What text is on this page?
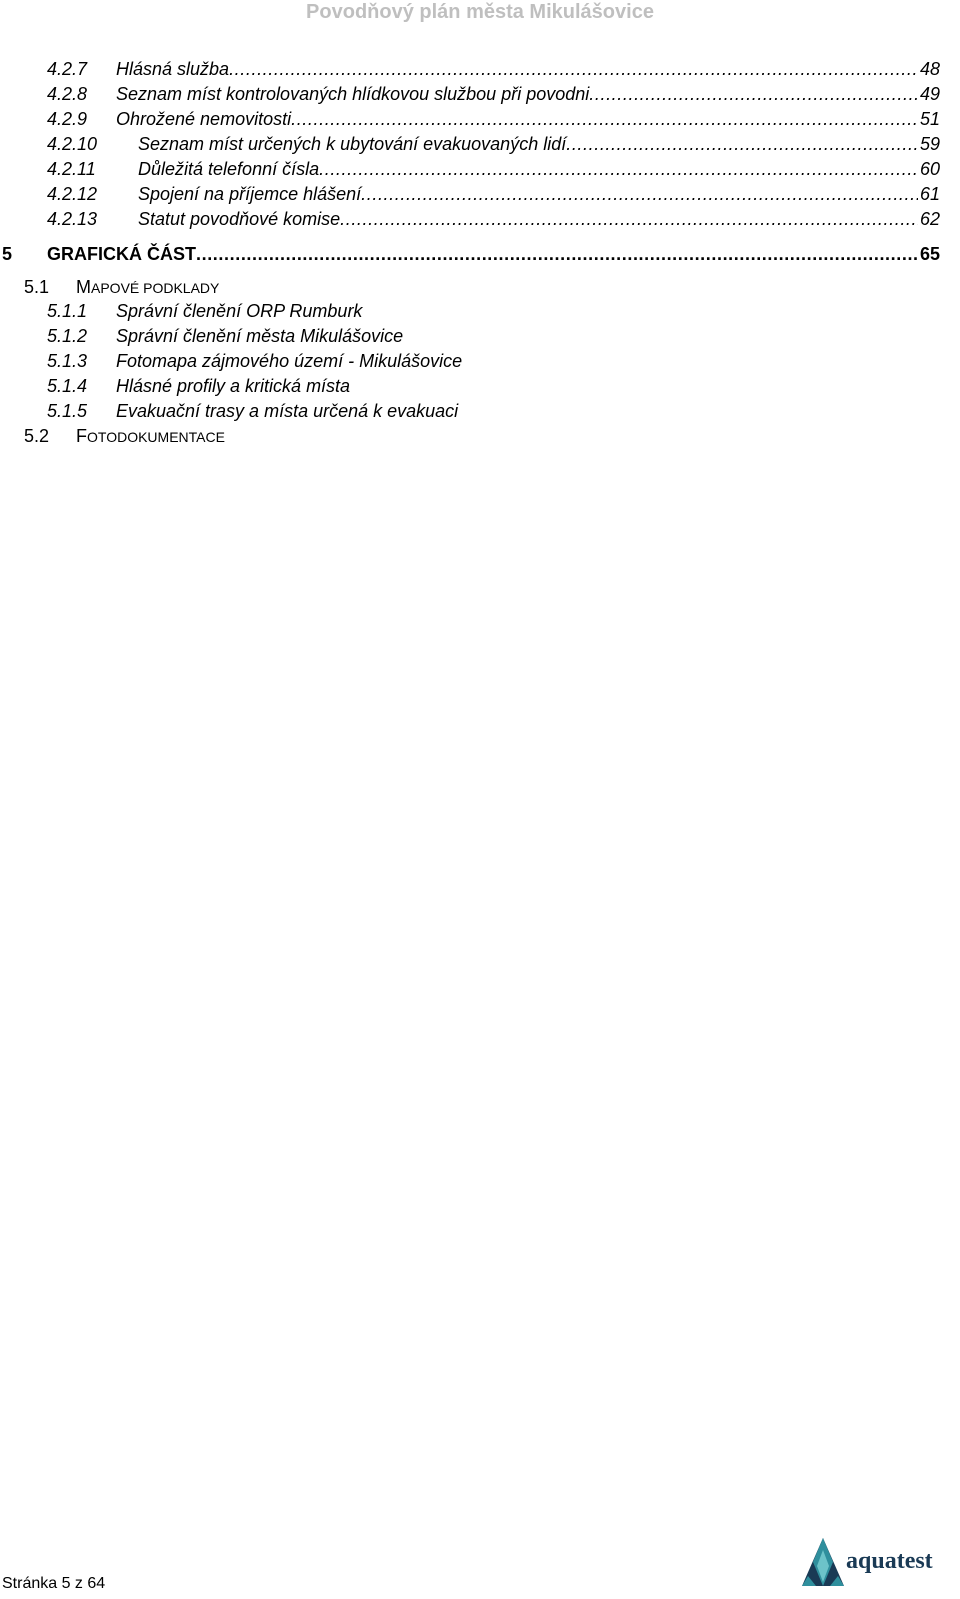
Povodňový plán města Mikulášovice
4.2.7 Hlásná služba . . .	48
4.2.8 Seznam míst kontrolovaných hlídkovou službou při povodni . . .	49
4.2.9 Ohrožené nemovitosti . . .	51
4.2.10 Seznam míst určených k ubytování evakuovaných lidí . . .	59
4.2.11 Důležitá telefonní čísla . . .	60
4.2.12 Spojení na příjemce hlášení . . .	61
4.2.13 Statut povodňové komise . . .	62
5 GRAFICKÁ ČÁST . . .	65
5.1 MAPOVÉ PODKLADY
5.1.1 Správní členění ORP Rumburk
5.1.2 Správní členění města Mikulášovice
5.1.3 Fotomapa zájmového území - Mikulášovice
5.1.4 Hlásné profily a kritická místa
5.1.5 Evakuační trasy a místa určená k evakuaci
5.2 FOTODOKUMENTACE
Stránka 5 z 64
aquatest
